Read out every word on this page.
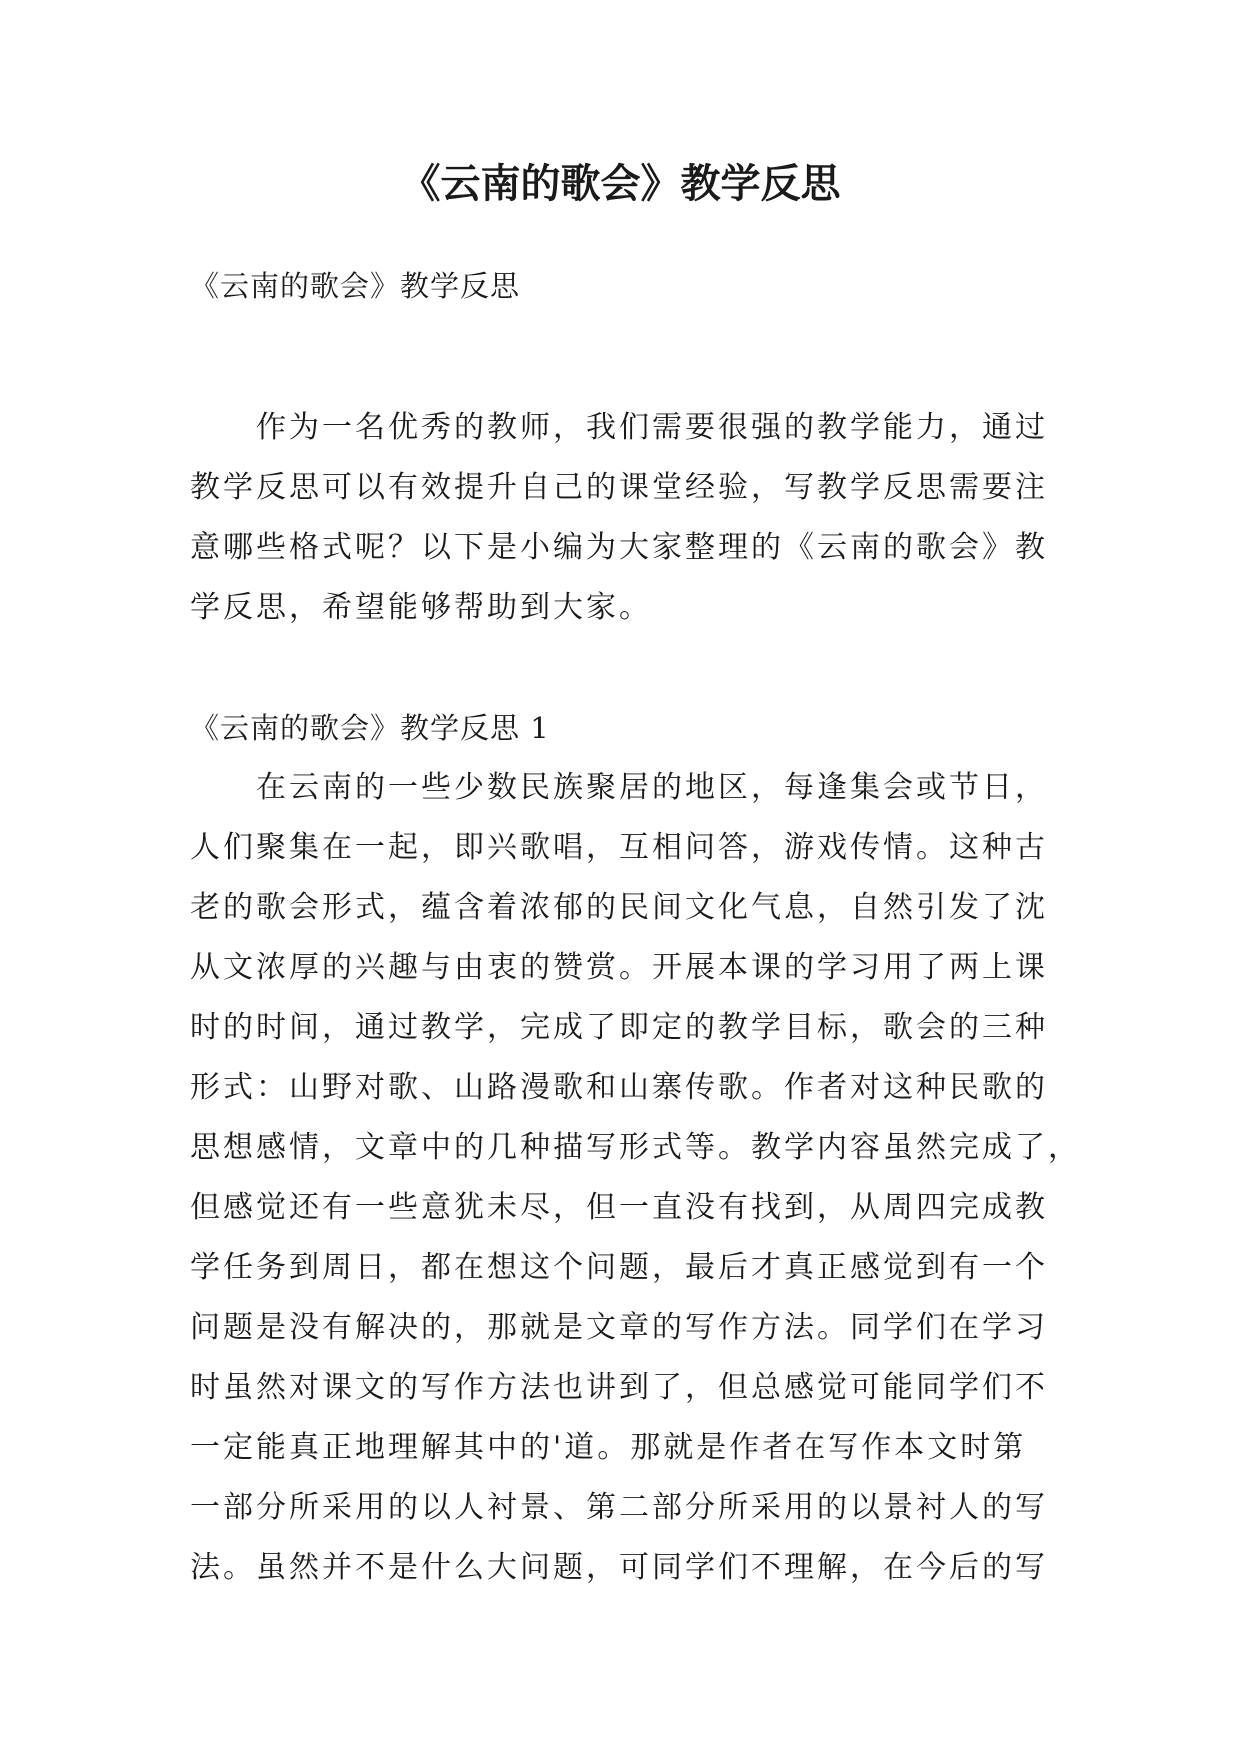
《云南的歌会》教学反思
《云南的歌会》教学反思
　　作为一名优秀的教师，我们需要很强的教学能力，通过
教学反思可以有效提升自己的课堂经验，写教学反思需要注
意哪些格式呢？以下是小编为大家整理的《云南的歌会》教
学反思，希望能够帮助到大家。
《云南的歌会》教学反思 1
　　在云南的一些少数民族聚居的地区，每逢集会或节日，
人们聚集在一起，即兴歌唱，互相问答，游戏传情。这种古
老的歌会形式，蕴含着浓郁的民间文化气息，自然引发了沈
从文浓厚的兴趣与由衷的赞赏。开展本课的学习用了两上课
时的时间，通过教学，完成了即定的教学目标，歌会的三种
形式：山野对歌、山路漫歌和山寨传歌。作者对这种民歌的
思想感情，文章中的几种描写形式等。教学内容虽然完成了，
但感觉还有一些意犹未尽，但一直没有找到，从周四完成教
学任务到周日，都在想这个问题，最后才真正感觉到有一个
问题是没有解决的，那就是文章的写作方法。同学们在学习
时虽然对课文的写作方法也讲到了，但总感觉可能同学们不
一定能真正地理解其中的'道。那就是作者在写作本文时第
一部分所采用的以人衬景、第二部分所采用的以景衬人的写
法。虽然并不是什么大问题，可同学们不理解，在今后的写
